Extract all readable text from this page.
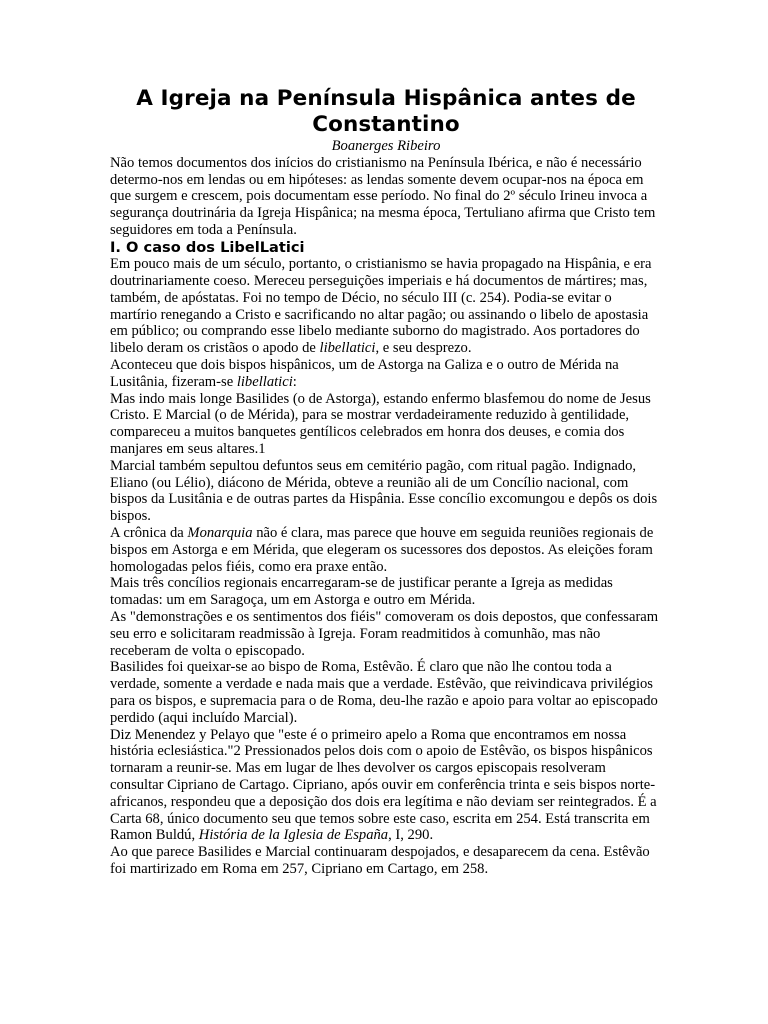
A Igreja na Península Hispânica antes de Constantino

Boanerges Ribeiro

Não temos documentos dos inícios do cristianismo na Península Ibérica, e não é necessário determo-nos em lendas ou em hipóteses: as lendas somente devem ocupar-nos na época em que surgem e crescem, pois documentam esse período. No final do 2º século Irineu invoca a segurança doutrinária da Igreja Hispânica; na mesma época, Tertuliano afirma que Cristo tem seguidores em toda a Península.

I. O caso dos LibelLatici

Em pouco mais de um século, portanto, o cristianismo se havia propagado na Hispânia, e era doutrinariamente coeso. Mereceu perseguições imperiais e há documentos de mártires; mas, também, de apóstatas. Foi no tempo de Décio, no século III (c. 254). Podia-se evitar o martírio renegando a Cristo e sacrificando no altar pagão; ou assinando o libelo de apostasia em público; ou comprando esse libelo mediante suborno do magistrado. Aos portadores do libelo deram os cristãos o apodo de libellatici, e seu desprezo.

Aconteceu que dois bispos hispânicos, um de Astorga na Galiza e o outro de Mérida na Lusitânia, fizeram-se libellatici:

Mas indo mais longe Basilides (o de Astorga), estando enfermo blasfemou do nome de Jesus Cristo. E Marcial (o de Mérida), para se mostrar verdadeiramente reduzido à gentilidade, compareceu a muitos banquetes gentílicos celebrados em honra dos deuses, e comia dos manjares em seus altares.1

Marcial também sepultou defuntos seus em cemitério pagão, com ritual pagão. Indignado, Eliano (ou Lélio), diácono de Mérida, obteve a reunião ali de um Concílio nacional, com bispos da Lusitânia e de outras partes da Hispânia. Esse concílio excomungou e depôs os dois bispos.

A crônica da Monarquia não é clara, mas parece que houve em seguida reuniões regionais de bispos em Astorga e em Mérida, que elegeram os sucessores dos depostos. As eleições foram homologadas pelos fiéis, como era praxe então.

Mais três concílios regionais encarregaram-se de justificar perante a Igreja as medidas tomadas: um em Saragoça, um em Astorga e outro em Mérida.

As "demonstrações e os sentimentos dos fiéis" comoveram os dois depostos, que confessaram seu erro e solicitaram readmissão à Igreja. Foram readmitidos à comunhão, mas não receberam de volta o episcopado.

Basilides foi queixar-se ao bispo de Roma, Estêvão. É claro que não lhe contou toda a verdade, somente a verdade e nada mais que a verdade. Estêvão, que reivindicava privilégios para os bispos, e supremacia para o de Roma, deu-lhe razão e apoio para voltar ao episcopado perdido (aqui incluído Marcial).

Diz Menendez y Pelayo que "este é o primeiro apelo a Roma que encontramos em nossa história eclesiástica."2 Pressionados pelos dois com o apoio de Estêvão, os bispos hispânicos tornaram a reunir-se. Mas em lugar de lhes devolver os cargos episcopais resolveram consultar Cipriano de Cartago. Cipriano, após ouvir em conferência trinta e seis bispos norte-africanos, respondeu que a deposição dos dois era legítima e não deviam ser reintegrados. É a Carta 68, único documento seu que temos sobre este caso, escrita em 254. Está transcrita em Ramon Buldú, História de la Iglesia de España, I, 290.

Ao que parece Basilides e Marcial continuaram despojados, e desaparecem da cena. Estêvão foi martirizado em Roma em 257, Cipriano em Cartago, em 258.
